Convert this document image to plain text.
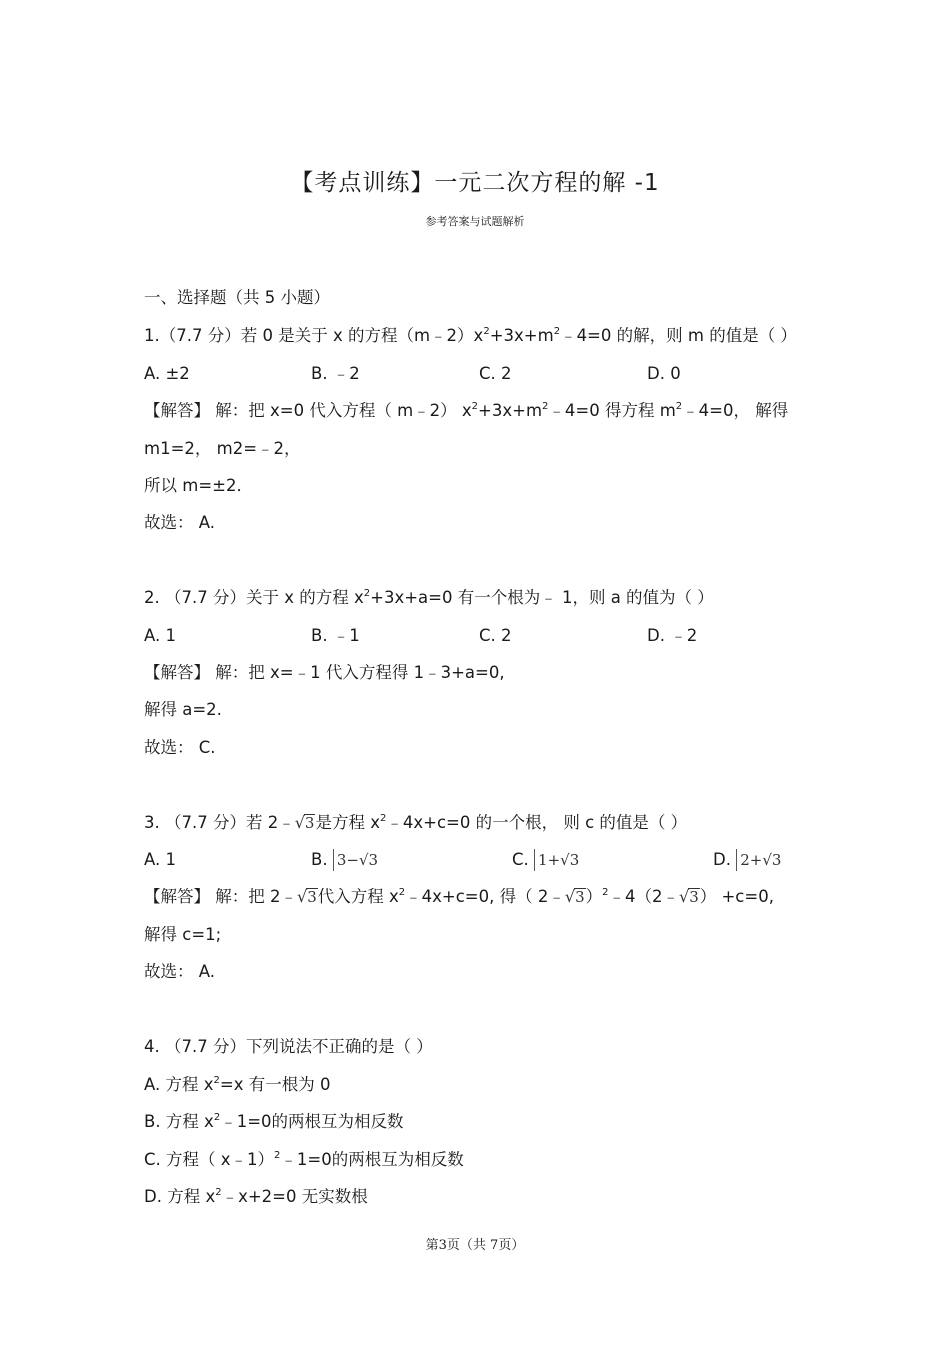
【考点训练】一元二次方程的解 -1
参考答案与试题解析
一、选择题（共 5 小题）
1.（7.7 分）若 0 是关于 x 的方程$(m﹣2)x^2+3x+m^2﹣4=0$ 的解，则 m 的值是（ ）
A. ±2	B. ﹣2	C. 2	D. 0
【解答】 解：把 x=0 代入方程（ m﹣2） $x^2+3x+m^2﹣4=0$ 得方程 $m^2﹣4=0$， 解得
m1=2， m2=﹣2，
所以 m=±2．
故选： A.
2. （7.7 分）关于 x 的方程 $x^2+3x+a=0$ 有一个根为﹣ 1，则 a 的值为（ ）
A. 1	B. ﹣1	C. 2	D. ﹣2
【解答】 解：把 x=﹣1 代入方程得 1﹣3+a=0,
解得 a=2.
故选： C.
3. （7.7 分）若 2﹣√3是方程 $x^2﹣4x+c=0$ 的一个根， 则 c 的值是（ ）
A. 1	B. 3−√3	C. 1+√3	D. 2+√3
【解答】 解：把 2﹣√3代入方程 $x^2﹣4x+c=0$, 得（ 2﹣√3）$^2$﹣4（2﹣√3） +c=0,
解得 c=1;
故选： A.
4. （7.7 分）下列说法不正确的是（ ）
A. 方程 $x^2=x$ 有一根为 0
B. 方程 $x^2﹣1=0$的两根互为相反数
C. 方程（ x﹣1）$^2$﹣1=0的两根互为相反数
D. 方程 $x^2﹣x+2=0$ 无实数根
第3页（共 7页）
